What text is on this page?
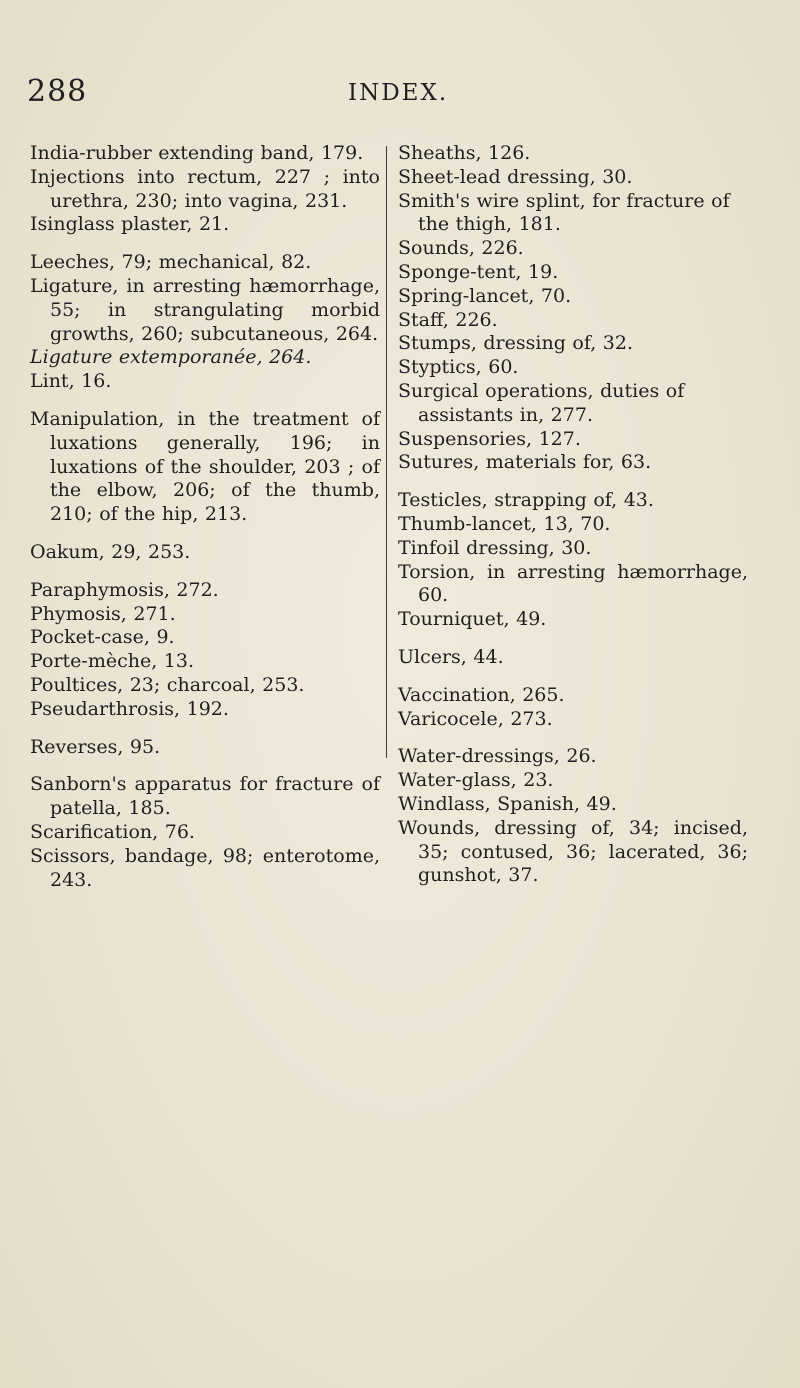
288	INDEX.
India-rubber extending band, 179.
Injections into rectum, 227 ; into urethra, 230; into vagina, 231.
Isinglass plaster, 21.
Leeches, 79; mechanical, 82.
Ligature, in arresting hæmorrhage, 55; in strangulating morbid growths, 260; subcutaneous, 264.
Ligature extemporanée, 264.
Lint, 16.
Manipulation, in the treatment of luxations generally, 196; in luxations of the shoulder, 203 ; of the elbow, 206; of the thumb, 210; of the hip, 213.
Oakum, 29, 253.
Paraphymosis, 272.
Phymosis, 271.
Pocket-case, 9.
Porte-mèche, 13.
Poultices, 23; charcoal, 253.
Pseudarthrosis, 192.
Reverses, 95.
Sanborn's apparatus for fracture of patella, 185.
Scarification, 76.
Scissors, bandage, 98; enterotome, 243.
Sheaths, 126.
Sheet-lead dressing, 30.
Smith's wire splint, for fracture of the thigh, 181.
Sounds, 226.
Sponge-tent, 19.
Spring-lancet, 70.
Staff, 226.
Stumps, dressing of, 32.
Styptics, 60.
Surgical operations, duties of assistants in, 277.
Suspensories, 127.
Sutures, materials for, 63.
Testicles, strapping of, 43.
Thumb-lancet, 13, 70.
Tinfoil dressing, 30.
Torsion, in arresting hæmorrhage, 60.
Tourniquet, 49.
Ulcers, 44.
Vaccination, 265.
Varicocele, 273.
Water-dressings, 26.
Water-glass, 23.
Windlass, Spanish, 49.
Wounds, dressing of, 34; incised, 35; contused, 36; lacerated, 36; gunshot, 37.
